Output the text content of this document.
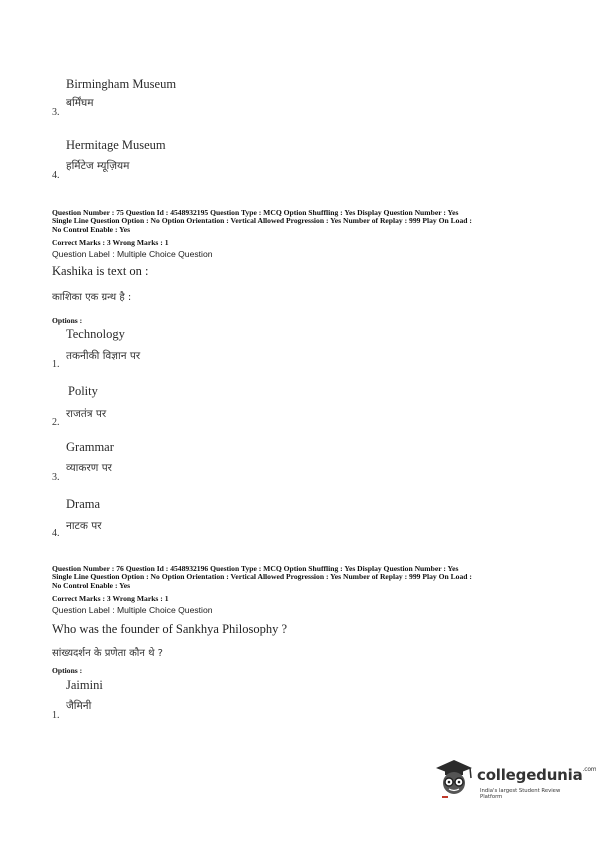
Birmingham Museum
3.
बर्मिंघम
Hermitage Museum
4.
हर्मिटेज म्यूज़ियम
Question Number : 75 Question Id : 4548932195 Question Type : MCQ Option Shuffling : Yes Display Question Number : Yes
Single Line Question Option : No Option Orientation : Vertical Allowed Progression : Yes Number of Replay : 999 Play On Load :
No Control Enable : Yes
Correct Marks : 3 Wrong Marks : 1
Question Label : Multiple Choice Question
Kashika is text on :
काशिका एक ग्रन्थ है :
Options :
Technology
1.
तकनीकी विज्ञान पर
Polity
2.
राजतंत्र पर
Grammar
3.
व्याकरण पर
Drama
4.
नाटक पर
Question Number : 76 Question Id : 4548932196 Question Type : MCQ Option Shuffling : Yes Display Question Number : Yes
Single Line Question Option : No Option Orientation : Vertical Allowed Progression : Yes Number of Replay : 999 Play On Load :
No Control Enable : Yes
Correct Marks : 3 Wrong Marks : 1
Question Label : Multiple Choice Question
Who was the founder of Sankhya Philosophy ?
सांख्यदर्शन के प्रणेता कौन थे ?
Options :
Jaimini
1.
जैमिनी
collegedunia$^{.com}$
India's largest Student Review Platform
